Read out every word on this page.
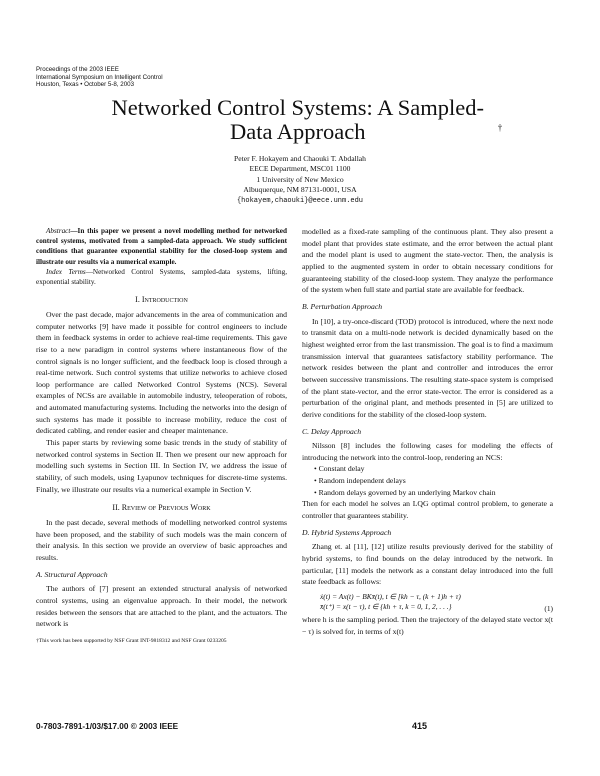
Proceedings of the 2003 IEEE
International Symposium on Intelligent Control
Houston, Texas • October 5-8, 2003
Networked Control Systems: A Sampled-Data Approach	†
Peter F. Hokayem and Chaouki T. Abdallah
EECE Department, MSC01 1100
1 University of New Mexico
Albuquerque, NM 87131-0001, USA
{hokayem,chaouki}@eece.unm.edu

Abstract—In this paper we present a novel modelling method for networked control systems, motivated from a sampled-data approach. We study sufficient conditions that guarantee exponential stability for the closed-loop system and illustrate our results via a numerical example.

Index Terms—Networked Control Systems, sampled-data systems, lifting, exponential stability.

I. Introduction

Over the past decade, major advancements in the area of communication and computer networks [9] have made it possible for control engineers to include them in feedback systems in order to achieve real-time requirements. This gave rise to a new paradigm in control systems where instantaneous flow of the control signals is no longer sufficient, and the feedback loop is closed through a real-time network. Such control systems that utilize networks to achieve closed loop performance are called Networked Control Systems (NCS). Several examples of NCSs are available in automobile industry, teleoperation of robots, and automated manufacturing systems. Including the networks into the design of such systems has made it possible to increase mobility, reduce the cost of dedicated cabling, and render easier and cheaper maintenance.

This paper starts by reviewing some basic trends in the study of stability of networked control systems in Section II. Then we present our new approach for modelling such systems in Section III. In Section IV, we address the issue of stability, of such models, using Lyapunov techniques for discrete-time systems. Finally, we illustrate our results via a numerical example in Section V.

II. Review of Previous Work

In the past decade, several methods of modelling networked control systems have been proposed, and the stability of such models was the main concern of their analysis. In this section we provide an overview of basic approaches and results.

A. Structural Approach

The authors of [7] present an extended structural analysis of networked control systems, using an eigenvalue approach. In their model, the network resides between the sensors that are attached to the plant, and the actuators. The network is

†This work has been supported by NSF Grant INT-9818312 and NSF Grant 0233205

modelled as a fixed-rate sampling of the continuous plant. They also present a model plant that provides state estimate, and the error between the actual plant and the model plant is used to augment the state-vector. Then, the analysis is applied to the augmented system in order to obtain necessary conditions for guaranteeing stability of the closed-loop system. They analyze the performance of the system when full state and partial state are available for feedback.

B. Perturbation Approach

In [10], a try-once-discard (TOD) protocol is introduced, where the next node to transmit data on a multi-node network is decided dynamically based on the highest weighted error from the last transmission. The goal is to find a maximum transmission interval that guarantees satisfactory stability performance. The network resides between the plant and controller and introduces the error between successive transmissions. The resulting state-space system is comprised of the plant state-vector, and the error state-vector. The error is considered as a perturbation of the original plant, and methods presented in [5] are utilized to derive conditions for the stability of the closed-loop system.

C. Delay Approach

Nilsson [8] includes the following cases for modeling the effects of introducing the network into the control-loop, rendering an NCS:

• Constant delay
• Random independent delays
• Random delays governed by an underlying Markov chain

Then for each model he solves an LQG optimal control problem, to generate a controller that guarantees stability.

D. Hybrid Systems Approach

Zhang et. al [11], [12] utilize results previously derived for the stability of hybrid systems, to find bounds on the delay introduced by the network. In particular, [11] models the network as a constant delay introduced into the full state feedback as follows:

ẋ(t) = Ax(t) − BKx̄(t), t ∈ [kh − τ, (k + 1)h + τ)
x̄(t⁺) = x(t − τ), t ∈ {kh + τ, k = 0, 1, 2, . . .}	(1)

where h is the sampling period. Then the trajectory of the delayed state vector x(t − τ) is solved for, in terms of x(t)

0-7803-7891-1/03/$17.00 © 2003 IEEE	415
